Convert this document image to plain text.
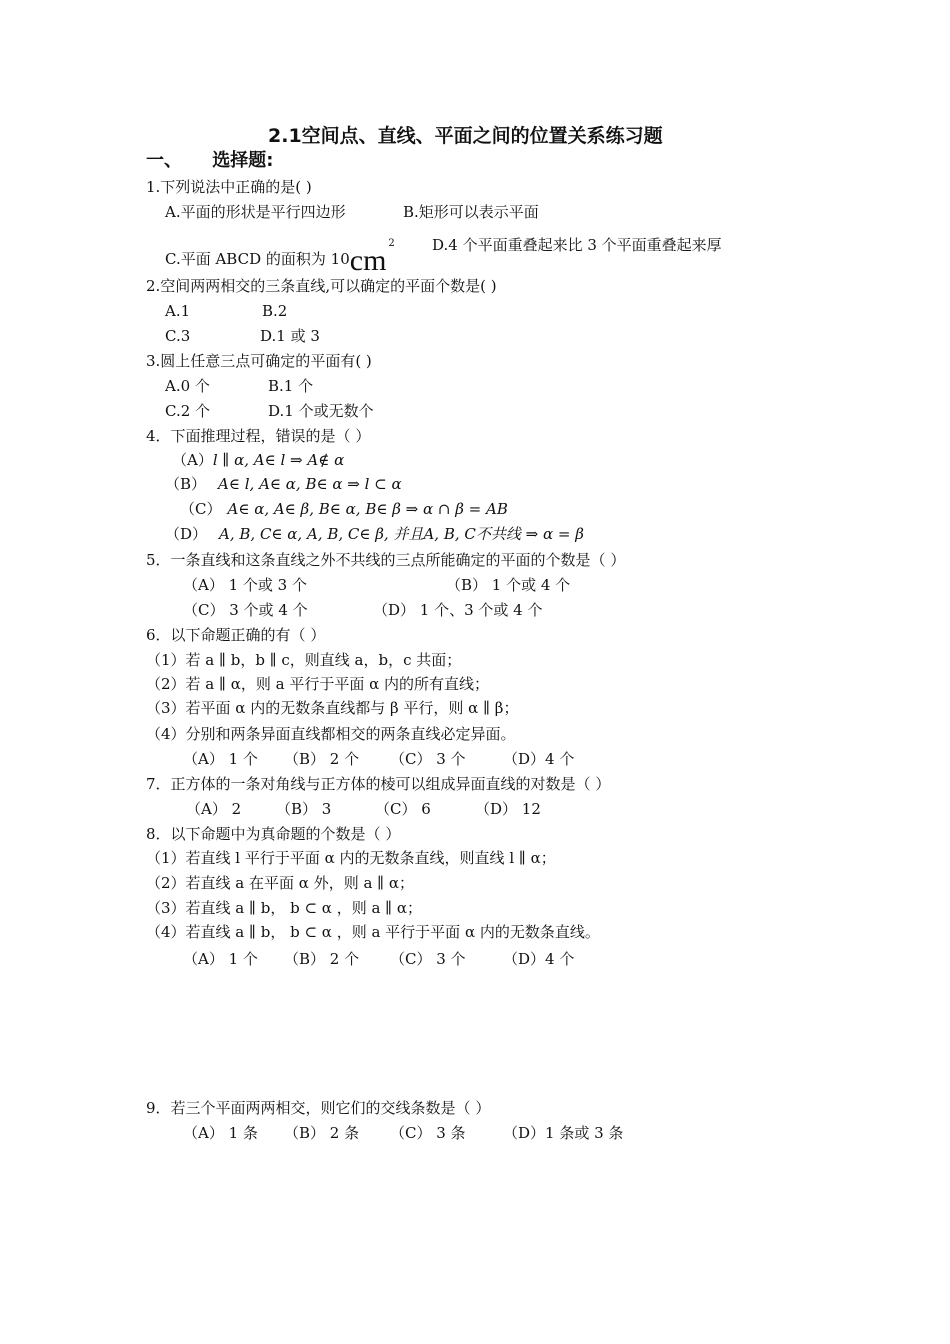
2.1空间点、直线、平面之间的位置关系练习题
一、 选择题:
1.下列说法中正确的是( )
A.平面的形状是平行四边形	B.矩形可以表示平面
C.平面 ABCD 的面积为 $10cm^2$ D.4 个平面重叠起来比 3 个平面重叠起来厚
2.空间两两相交的三条直线,可以确定的平面个数是( )
A.1	B.2
C.3	D.1 或 3
3.圆上任意三点可确定的平面有( )
A.0 个	B.1 个
C.2 个	D.1 个或无数个
4．下面推理过程，错误的是（ ）
（A）l ∥ α, A∈ l ⇒ A∉ α
（B） A∈ l, A∈ α, B∈ α ⇒ l ⊂ α
（C） A∈ α, A∈ β, B∈ α, B∈ β ⇒ α ∩ β = AB
（D） A, B, C∈ α, A, B, C∈ β, 并且A, B, C不共线 ⇒ α = β
5．一条直线和这条直线之外不共线的三点所能确定的平面的个数是（ ）
（A） 1 个或 3 个	（B） 1 个或 4 个
（C） 3 个或 4 个	（D） 1 个、3 个或 4 个
6．以下命题正确的有（ ）
（1）若 a ∥ b，b ∥ c，则直线 a，b，c 共面；
（2）若 a ∥ α，则 a 平行于平面 α 内的所有直线；
（3）若平面 α 内的无数条直线都与 β 平行，则 α ∥ β；
（4）分别和两条异面直线都相交的两条直线必定异面。
（A） 1 个 （B） 2 个 （C） 3 个 （D）4 个
7．正方体的一条对角线与正方体的棱可以组成异面直线的对数是（ ）
（A） 2 （B） 3	（C） 6	（D） 12
8．以下命题中为真命题的个数是（ ）
（1）若直线 l 平行于平面 α 内的无数条直线，则直线 l ∥ α；
（2）若直线 a 在平面 α 外，则 a ∥ α；
（3）若直线 a ∥ b， b ⊂ α ，则 a ∥ α；
（4）若直线 a ∥ b， b ⊂ α ，则 a 平行于平面 α 内的无数条直线。
（A） 1 个 （B） 2 个 （C） 3 个 （D）4 个
9．若三个平面两两相交，则它们的交线条数是（ ）
（A） 1 条 （B） 2 条 （C） 3 条 （D）1 条或 3 条
